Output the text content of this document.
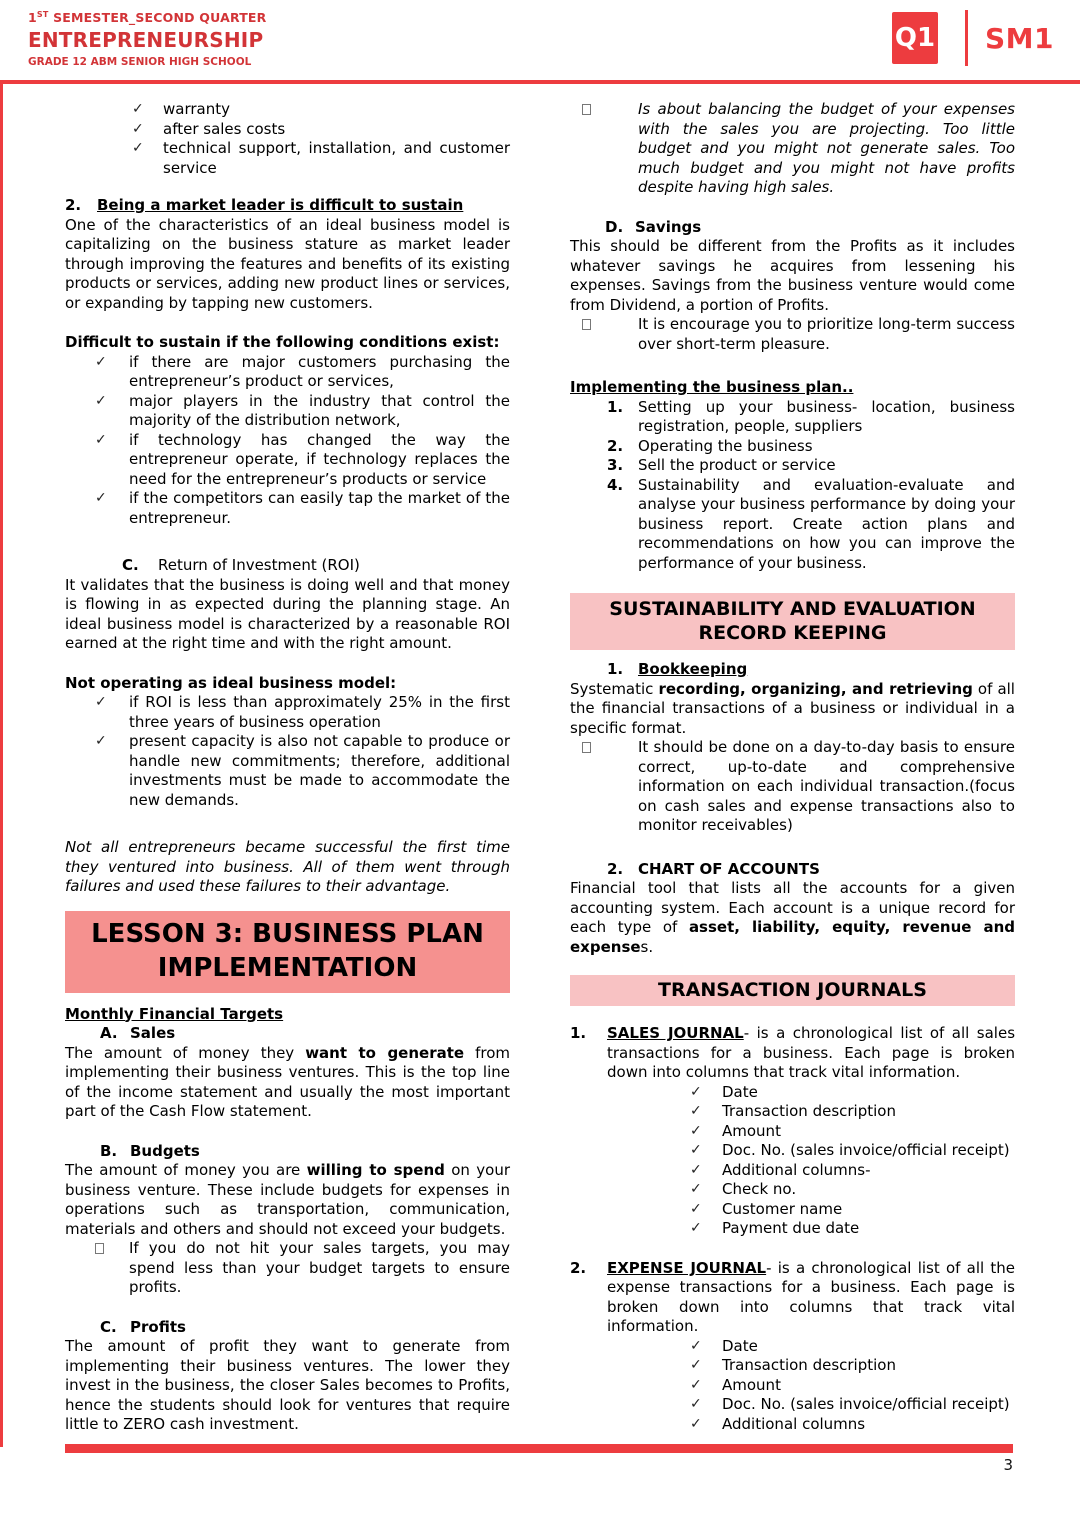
1ST SEMESTER_SECOND QUARTER
ENTREPRENEURSHIP
GRADE 12 ABM SENIOR HIGH SCHOOL
Q1 SM1
✓	warranty
✓	after sales costs
✓	technical support, installation, and customer service
2.	Being a market leader is difficult to sustain

One of the characteristics of an ideal business model is capitalizing on the business stature as market leader through improving the features and benefits of its existing products or services, adding new product lines or services, or expanding by tapping new customers.

Difficult to sustain if the following conditions exist:

✓	if there are major customers purchasing the entrepreneur’s product or services,
✓	major players in the industry that control the majority of the distribution network,
✓	if technology has changed the way the entrepreneur operate, if technology replaces the need for the entrepreneur’s products or service
✓	if the competitors can easily tap the market of the entrepreneur.
C.	Return of Investment (ROI)

It validates that the business is doing well and that money is flowing in as expected during the planning stage. An ideal business model is characterized by a reasonable ROI earned at the right time and with the right amount.

Not operating as ideal business model:

✓	if ROI is less than approximately 25% in the first three years of business operation
✓	present capacity is also not capable to produce or handle new commitments; therefore, additional investments must be made to accommodate the new demands.

Not all entrepreneurs became successful the first time they ventured into business. All of them went through failures and used these failures to their advantage.

LESSON 3: BUSINESS PLAN
IMPLEMENTATION

Monthly Financial Targets

A. Sales

The amount of money they want to generate from implementing their business ventures. This is the top line of the income statement and usually the most important part of the Cash Flow statement.

B. Budgets

The amount of money you are willing to spend on your business venture. These include budgets for expenses in operations such as transportation, communication, materials and others and should not exceed your budgets.

If you do not hit your sales targets, you may spend less than your budget targets to ensure profits.
C. Profits

The amount of profit they want to generate from implementing their business ventures. The lower they invest in the business, the closer Sales becomes to Profits, hence the students should look for ventures that require little to ZERO cash investment.

Is about balancing the budget of your expenses with the sales you are projecting. Too little budget and you might not generate sales. Too much budget and you might not have profits despite having high sales.
D. Savings

This should be different from the Profits as it includes whatever savings he acquires from lessening his expenses. Savings from the business venture would come from Dividend, a portion of Profits.

It is encourage you to prioritize long-term success over short-term pleasure.

Implementing the business plan..

1. Setting up your business- location, business registration, people, suppliers
2. Operating the business
3. Sell the product or service
4. Sustainability and evaluation-evaluate and analyse your business performance by doing your business report. Create action plans and recommendations on how you can improve the performance of your business.
SUSTAINABILITY AND EVALUATION
RECORD KEEPING
1. Bookkeeping

Systematic recording, organizing, and retrieving of all the financial transactions of a business or individual in a specific format.

It should be done on a day-to-day basis to ensure correct, up-to-date and comprehensive information on each individual transaction.(focus on cash sales and expense transactions also to monitor receivables)
2. CHART OF ACCOUNTS

Financial tool that lists all the accounts for a given accounting system. Each account is a unique record for each type of asset, liability, equity, revenue and expenses.

TRANSACTION JOURNALS
1.	SALES JOURNAL- is a chronological list of all sales transactions for a business. Each page is broken down into columns that track vital information.
✓	Date
✓	Transaction description
✓	Amount
✓	Doc. No. (sales invoice/official receipt)
✓	Additional columns-
✓	Check no.
✓	Customer name
✓	Payment due date
2.	EXPENSE JOURNAL- is a chronological list of all the expense transactions for a business. Each page is broken down into columns that track vital information.
✓	Date
✓	Transaction description
✓	Amount
✓	Doc. No. (sales invoice/official receipt)
✓	Additional columns
3
